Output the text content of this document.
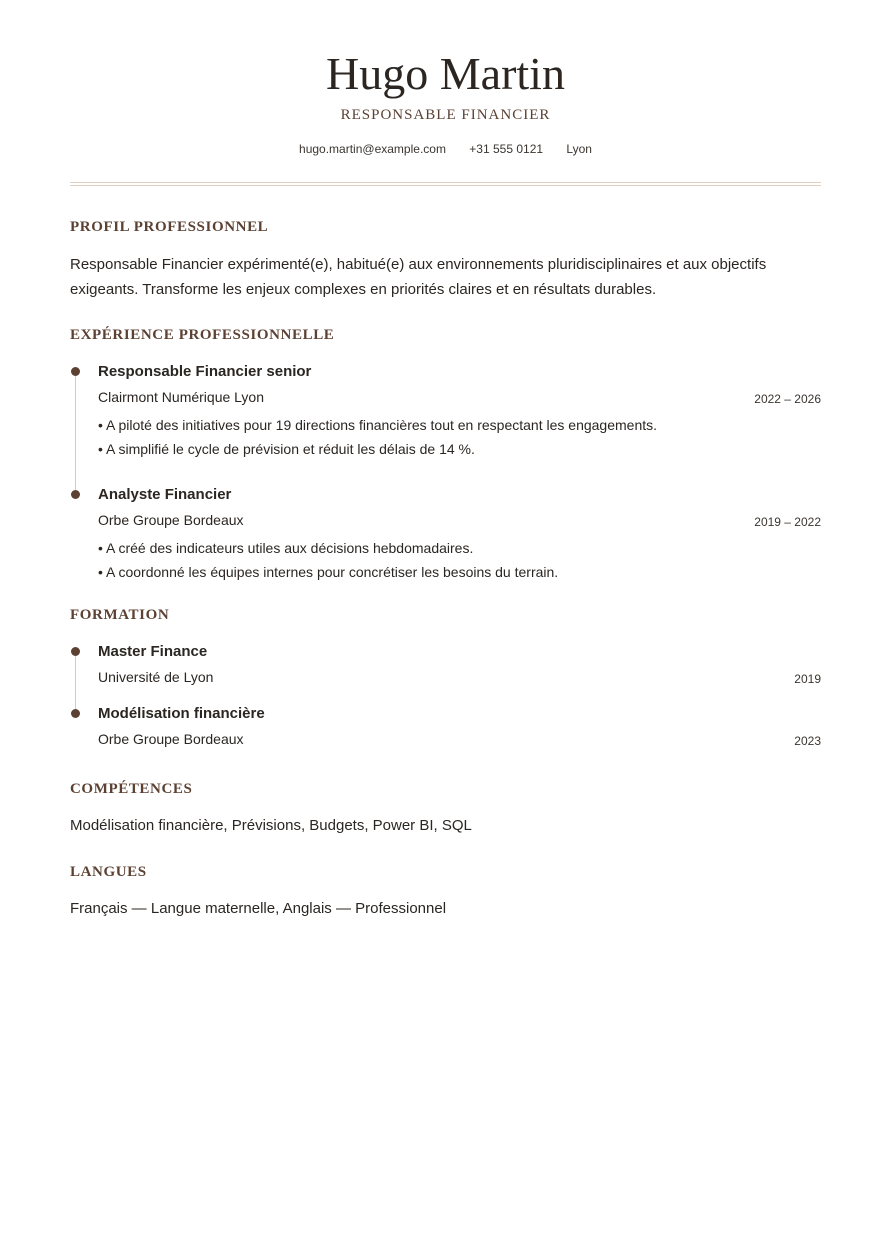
Hugo Martin
RESPONSABLE FINANCIER
hugo.martin@example.com +31 555 0121 Lyon
PROFIL PROFESSIONNEL
Responsable Financier expérimenté(e), habitué(e) aux environnements pluridisciplinaires et aux objectifs exigeants. Transforme les enjeux complexes en priorités claires et en résultats durables.
EXPÉRIENCE PROFESSIONNELLE
Responsable Financier senior
Clairmont Numérique Lyon	2022 – 2026
• A piloté des initiatives pour 19 directions financières tout en respectant les engagements.
• A simplifié le cycle de prévision et réduit les délais de 14 %.
Analyste Financier
Orbe Groupe Bordeaux	2019 – 2022
• A créé des indicateurs utiles aux décisions hebdomadaires.
• A coordonné les équipes internes pour concrétiser les besoins du terrain.
FORMATION
Master Finance
Université de Lyon	2019
Modélisation financière
Orbe Groupe Bordeaux	2023
COMPÉTENCES
Modélisation financière, Prévisions, Budgets, Power BI, SQL
LANGUES
Français — Langue maternelle, Anglais — Professionnel
